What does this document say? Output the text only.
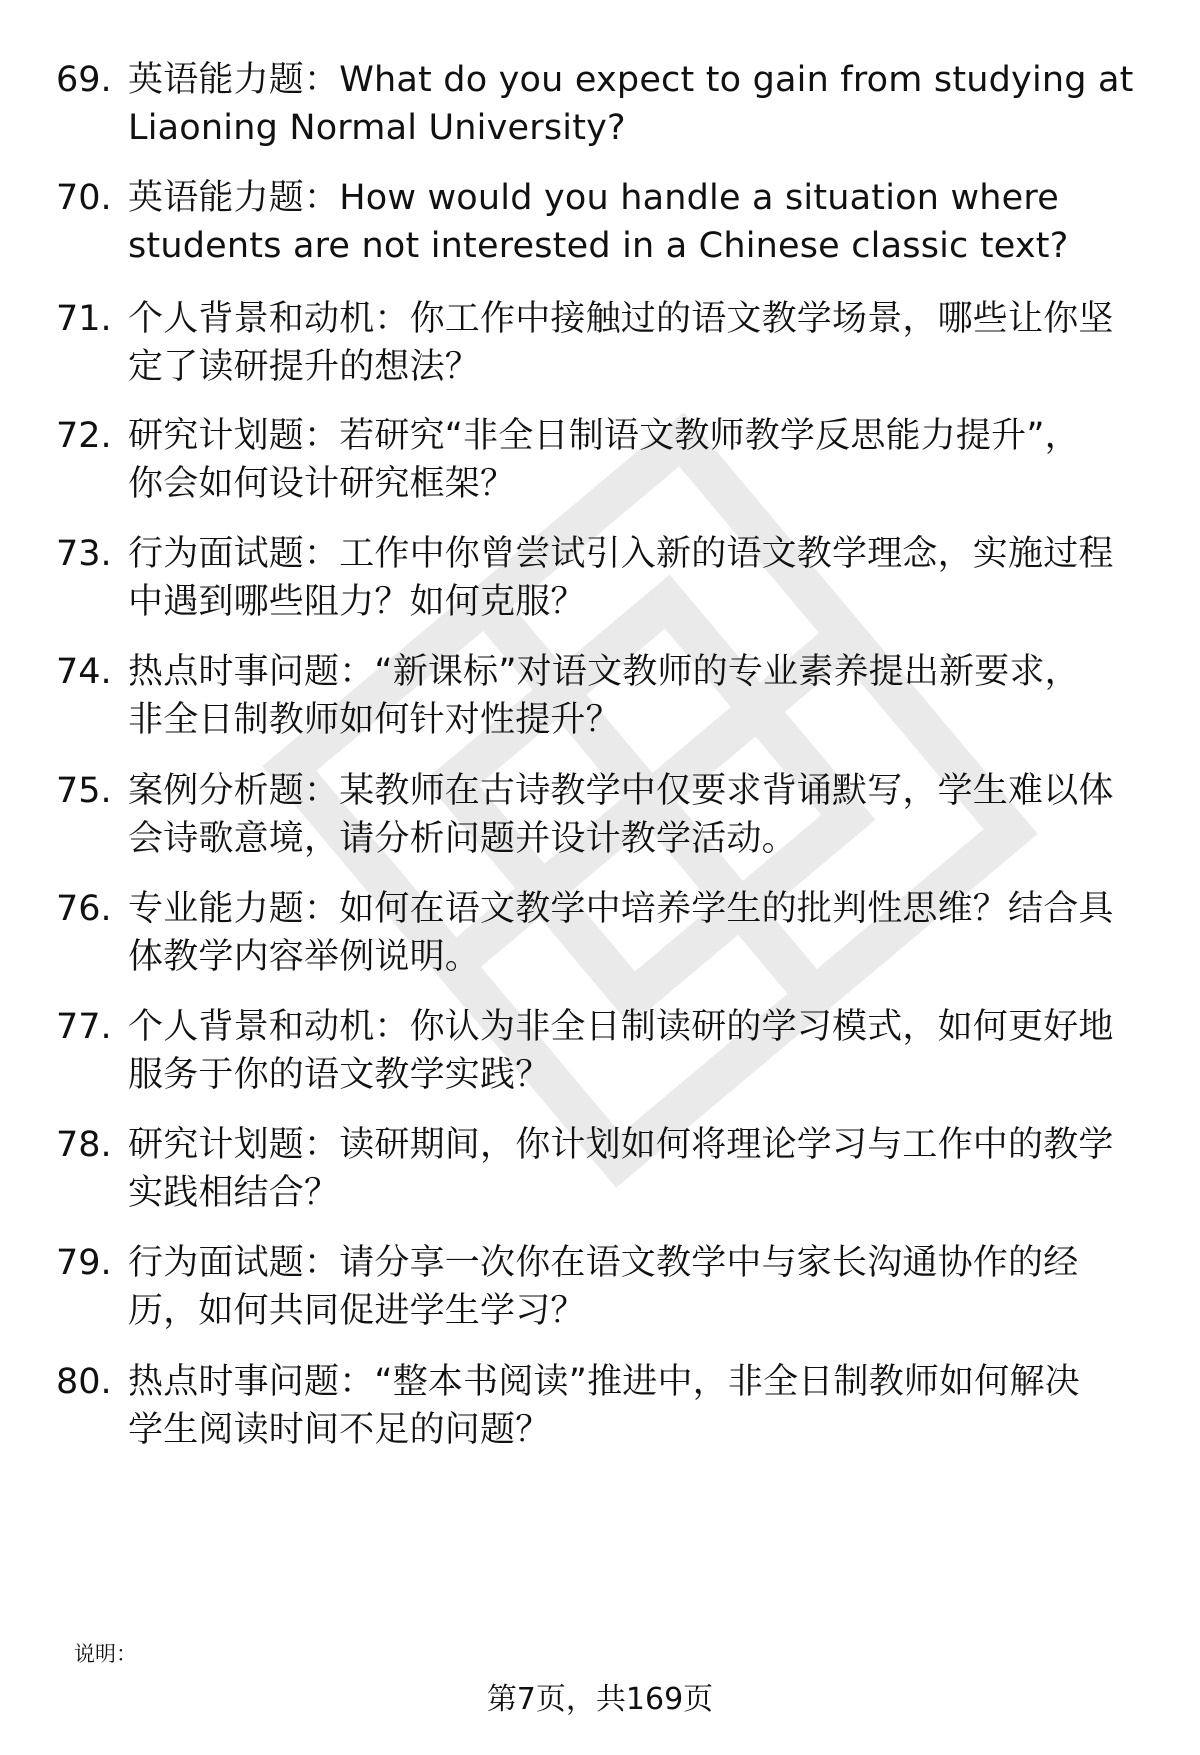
69. 英语能力题：What do you expect to gain from studying at
Liaoning Normal University?
70. 英语能力题：How would you handle a situation where
students are not interested in a Chinese classic text?
71. 个人背景和动机：你工作中接触过的语文教学场景，哪些让你坚
定了读研提升的想法？
72. 研究计划题：若研究“非全日制语文教师教学反思能力提升”，
你会如何设计研究框架？
73. 行为面试题：工作中你曾尝试引入新的语文教学理念，实施过程
中遇到哪些阻力？如何克服？
74. 热点时事问题：“新课标”对语文教师的专业素养提出新要求，
非全日制教师如何针对性提升？
75. 案例分析题：某教师在古诗教学中仅要求背诵默写，学生难以体
会诗歌意境，请分析问题并设计教学活动。
76. 专业能力题：如何在语文教学中培养学生的批判性思维？结合具
体教学内容举例说明。
77. 个人背景和动机：你认为非全日制读研的学习模式，如何更好地
服务于你的语文教学实践？
78. 研究计划题：读研期间，你计划如何将理论学习与工作中的教学
实践相结合？
79. 行为面试题：请分享一次你在语文教学中与家长沟通协作的经
历，如何共同促进学生学习？
80. 热点时事问题：“整本书阅读”推进中，非全日制教师如何解决
学生阅读时间不足的问题？
说明：
第7页，共169页
